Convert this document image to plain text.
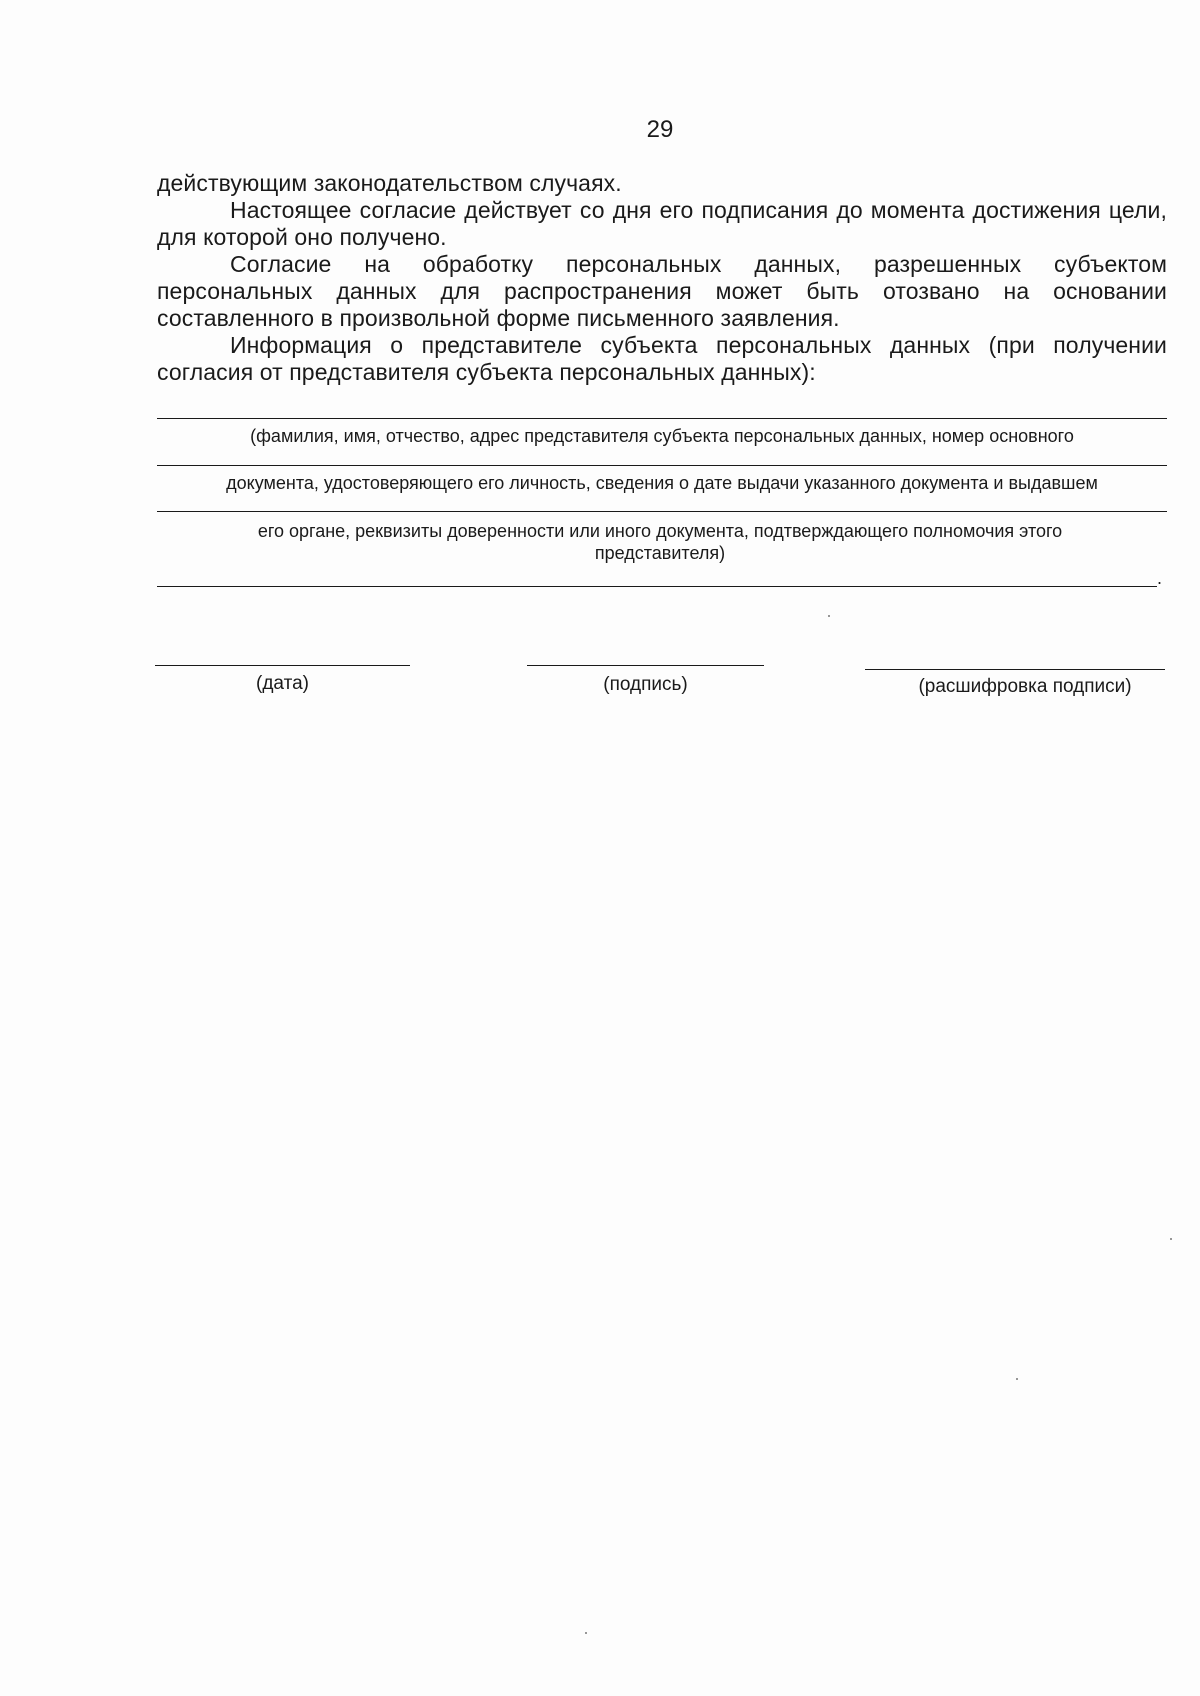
29

действующим законодательством случаях.

Настоящее согласие действует со дня его подписания до момента достижения цели, для которой оно получено.

Согласие на обработку персональных данных, разрешенных субъектом персональных данных для распространения может быть отозвано на основании составленного в произвольной форме письменного заявления.

Информация о представителе субъекта персональных данных (при получении согласия от представителя субъекта персональных данных):

(фамилия, имя, отчество, адрес представителя субъекта персональных данных, номер основного
документа, удостоверяющего его личность, сведения о дате выдачи указанного документа и выдавшем
его органе, реквизиты доверенности или иного документа, подтверждающего полномочия этого представителя)
.
(дата)	(подпись)	(расшифровка подписи)
